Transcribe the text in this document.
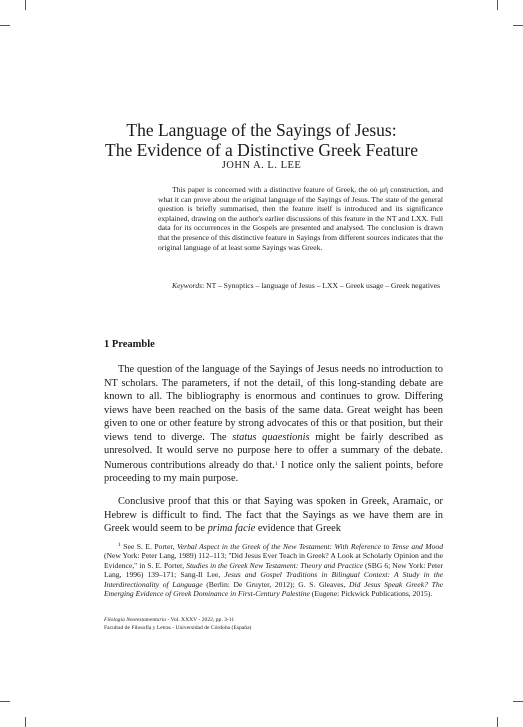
The Language of the Sayings of Jesus:
The Evidence of a Distinctive Greek Feature
JOHN A. L. LEE

This paper is concerned with a distinctive feature of Greek, the οὐ μή construction, and what it can prove about the original language of the Sayings of Jesus. The state of the general question is briefly summarised, then the feature itself is introduced and its significance explained, drawing on the author's earlier discussions of this feature in the NT and LXX. Full data for its occurrences in the Gospels are presented and analysed. The conclusion is drawn that the presence of this distinctive feature in Sayings from different sources indicates that the original language of at least some Sayings was Greek.

Keywords: NT – Synoptics – language of Jesus – LXX – Greek usage – Greek negatives

1 Preamble

The question of the language of the Sayings of Jesus needs no introduction to NT scholars. The parameters, if not the detail, of this long-standing debate are known to all. The bibliography is enormous and continues to grow. Differing views have been reached on the basis of the same data. Great weight has been given to one or other feature by strong advocates of this or that position, but their views tend to diverge. The status quaestionis might be fairly described as unresolved. It would serve no purpose here to offer a summary of the debate. Numerous contributions already do that.$^1$ I notice only the salient points, before proceeding to my main purpose.

Conclusive proof that this or that Saying was spoken in Greek, Aramaic, or Hebrew is difficult to find. The fact that the Sayings as we have them are in Greek would seem to be prima facie evidence that Greek

$^1$ See S. E. Porter, Verbal Aspect in the Greek of the New Testament: With Reference to Tense and Mood (New York: Peter Lang, 1989) 112–113; "Did Jesus Ever Teach in Greek? A Look at Scholarly Opinion and the Evidence," in S. E. Porter, Studies in the Greek New Testament: Theory and Practice (SBG 6; New York: Peter Lang, 1996) 139–171; Sang-Il Lee, Jesus and Gospel Traditions in Bilingual Context: A Study in the Interdirectionality of Language (Berlin: De Gruyter, 2012); G. S. Gleaves, Did Jesus Speak Greek? The Emerging Evidence of Greek Dominance in First-Century Palestine (Eugene: Pickwick Publications, 2015).

Filología Neotestamentaria - Vol. XXXV - 2022, pp. 3-11
Facultad de Filosofía y Letras - Universidad de Córdoba (España)
